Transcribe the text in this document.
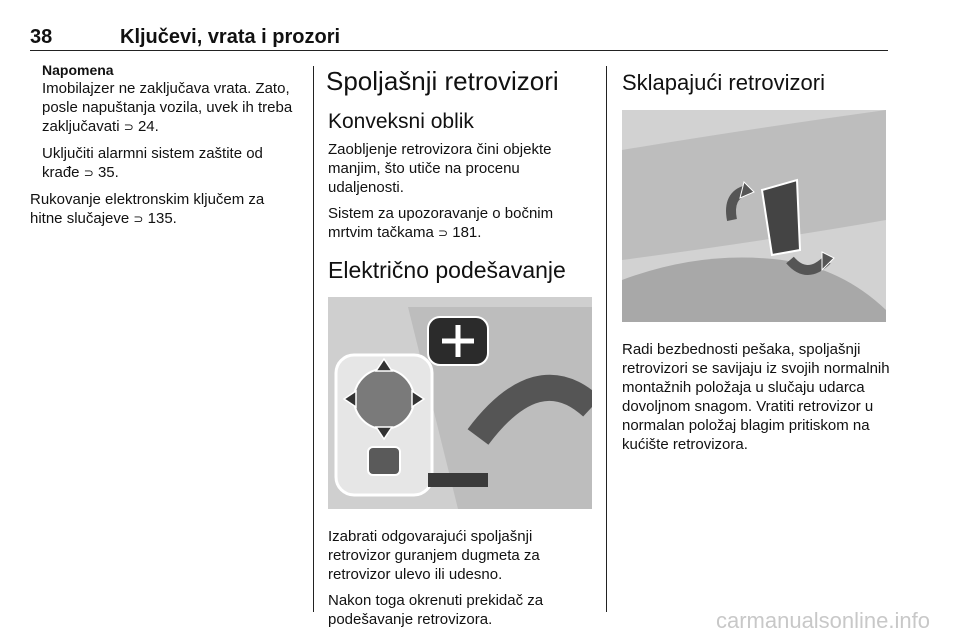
38	Ključevi, vrata i prozori
Napomena

Imobilajzer ne zaključava vrata. Zato, posle napuštanja vozila, uvek ih treba zaključavati ⊃ 24.

Uključiti alarmni sistem zaštite od krađe ⊃ 35.

Rukovanje elektronskim ključem za hitne slučajeve ⊃ 135.

Spoljašnji retrovizori
Konveksni oblik

Zaobljenje retrovizora čini objekte manjim, što utiče na procenu udaljenosti.

Sistem za upozoravanje o bočnim mrtvim tačkama ⊃ 181.

Električno podešavanje

Izabrati odgovarajući spoljašnji retrovizor guranjem dugmeta za retrovizor ulevo ili udesno.

Nakon toga okrenuti prekidač za podešavanje retrovizora.

Sklapajući retrovizori

Radi bezbednosti pešaka, spoljašnji retrovizori se savijaju iz svojih normalnih montažnih položaja u slučaju udarca dovoljnom snagom. Vratiti retrovizor u normalan položaj blagim pritiskom na kućište retrovizora.

carmanualsonline.info
